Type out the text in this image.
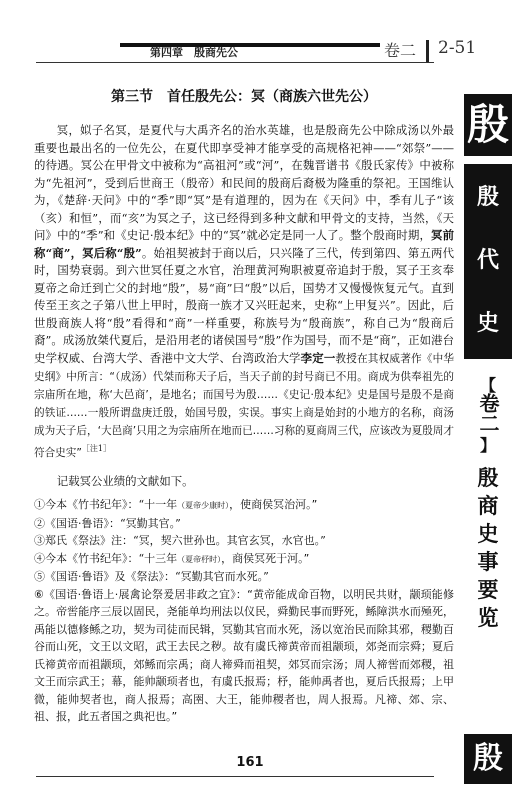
第四章　殷商先公	卷二 2-51
殷
殷
代
史
【
卷二
】
殷
商
史
事
要
览
殷
第三节　首任殷先公：冥（商族六世先公）

冥，姒子名冥，是夏代与大禹齐名的治水英雄，也是殷商先公中除成汤以外最重要也最出名的一位先公，在夏代即享受神才能享受的高规格祀神——“郊祭”——的待遇。冥公在甲骨文中被称为“高祖河”或“河”，在魏晋谱书《殷氏家传》中被称为“先祖河”，受到后世商王（殷帝）和民间的殷商后裔极为隆重的祭祀。王国维认为，《楚辞·天问》中的“季”即“冥”是有道理的，因为在《天问》中，季有儿子“该（亥）和恒”，而“亥”为冥之子，这已经得到多种文献和甲骨文的支持，当然，《天问》中的“季”和《史记·殷本纪》中的“冥”就必定是同一人了。整个殷商时期，冥前称“商”，冥后称“殷”。始祖契被封于商以后，只兴隆了三代，传到第四、第五两代时，国势衰弱。到六世冥任夏之水官，治理黄河殉职被夏帝追封于殷，冥子王亥奉夏帝之命迁到亡父的封地“殷”，易“商”曰“殷”以后，国势才又慢慢恢复元气。直到传至王亥之子第八世上甲时，殷商一族才又兴旺起来，史称“上甲复兴”。因此，后世殷商族人将“殷”看得和“商”一样重要，称族号为“殷商族”，称自己为“殷商后裔”。成汤放桀代夏后，是沿用老的诸侯国号“殷”作为国号，而不是“商”，正如港台史学权威、台湾大学、香港中文大学、台湾政治大学李定一教授在其权威著作《中华史纲》中所言：“（成汤）代桀而称天子后，当天子前的封号商已不用。商成为供奉祖先的宗庙所在地，称‘大邑商’，是地名；而国号为殷……《史记·殷本纪》史是国号是殷不是商的铁证……一般所谓盘庚迁殷，始国号殷，实误。事实上商是始封的小地方的名称，商汤成为天子后，‘大邑商’只用之为宗庙所在地而已……习称的夏商周三代，应该改为夏殷周才符合史实”$^{[注1]}$

记载冥公业绩的文献如下。

①今本《竹书纪年》：“十一年（夏帝少康时），使商侯冥治河。”

②《国语·鲁语》：“冥勤其官。”

③郑氏《祭法》注：“冥，契六世孙也。其官玄冥，水官也。”

④今本《竹书纪年》：“十三年（夏帝杼时），商侯冥死于河。”

⑤《国语·鲁语》及《祭法》：“冥勤其官而水死。”

⑥《国语·鲁语上·展禽论祭爰居非政之宜》：“黄帝能成命百物，以明民共财，颛顼能修之。帝喾能序三辰以固民，尧能单均刑法以仪民，舜勤民事而野死，鲧障洪水而殛死，禹能以德修鲧之功，契为司徒而民辑，冥勤其官而水死，汤以宽治民而除其邪，稷勤百谷而山死，文王以文昭，武王去民之秽。故有虞氏禘黄帝而祖颛顼，郊尧而宗舜；夏后氏禘黄帝而祖颛顼，郊鲧而宗禹；商人禘舜而祖契，郊冥而宗汤；周人禘喾而郊稷，祖文王而宗武王；幕，能帅颛顼者也，有虞氏报焉；杼，能帅禹者也，夏后氏报焉；上甲微，能帅契者也，商人报焉；高圉、大王，能帅稷者也，周人报焉。凡禘、郊、宗、祖、报，此五者国之典祀也。”

161
